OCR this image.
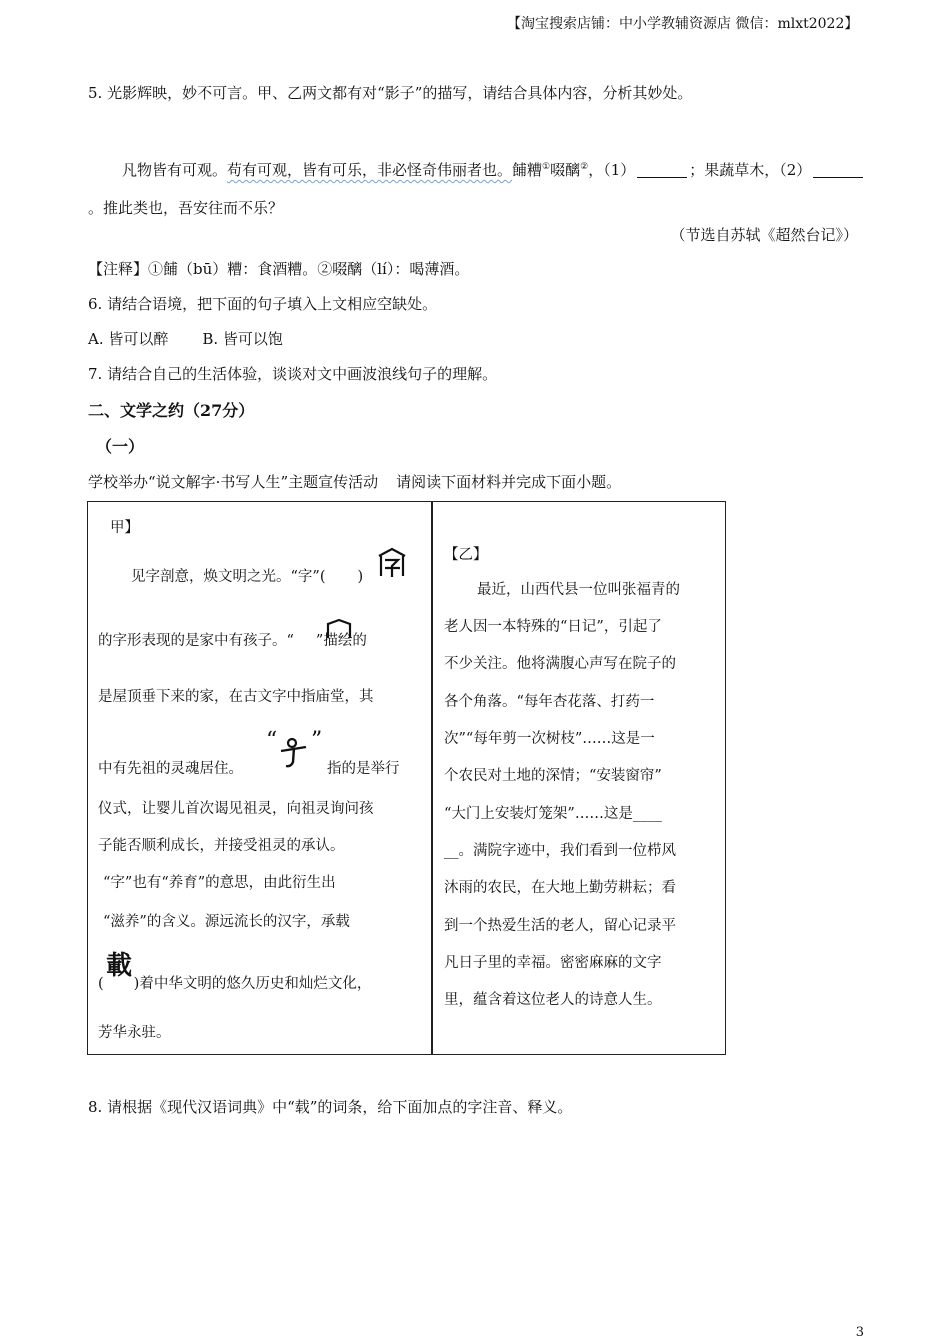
【淘宝搜索店铺：中小学教辅资源店 微信：mlxt2022】
5. 光影辉映，妙不可言。甲、乙两文都有对“影子”的描写，请结合具体内容，分析其妙处。
凡物皆有可观。苟有可观，皆有可乐，非必怪奇伟丽者也。餔糟①啜醨②，（1）	；果蔬草木，（2）。推此类也，吾安往而不乐？
（节选自苏轼《超然台记》）
【注释】①餔（bū）糟：食酒糟。②啜醨（lí）：喝薄酒。
6. 请结合语境，把下面的句子填入上文相应空缺处。
A. 皆可以醉 B. 皆可以饱
7. 请结合自己的生活体验，谈谈对文中画波浪线句子的理解。
二、文学之约（27分）
（一）
学校举办“说文解字·书写人生”主题宣传活动 请阅读下面材料并完成下面小题。
甲】
见字剖意，焕文明之光。“字”( )
的字形表现的是家中有孩子。“ ”描绘的
是屋顶垂下来的家，在古文字中指庙堂，其
中有先祖的灵魂居住。
“ ”
指的是举行
仪式，让婴儿首次谒见祖灵，向祖灵询问孩
子能否顺利成长，并接受祖灵的承认。
“字”也有“养育”的意思，由此衍生出
“滋养”的含义。源远流长的汉字，承载
( )着中华文明的悠久历史和灿烂文化，
載
芳华永驻。
【乙】
最近，山西代县一位叫张福青的
老人因一本特殊的“日记”，引起了
不少关注。他将满腹心声写在院子的
各个角落。“每年杏花落、打药一
次”“每年剪一次树枝”……这是一
个农民对土地的深情；“安装窗帘”
“大门上安装灯笼架”……这是____
__。满院字迹中，我们看到一位栉风
沐雨的农民，在大地上勤劳耕耘；看
到一个热爱生活的老人，留心记录平
凡日子里的幸福。密密麻麻的文字
里，蕴含着这位老人的诗意人生。
8. 请根据《现代汉语词典》中“载”的词条，给下面加点的字注音、释义。
3
